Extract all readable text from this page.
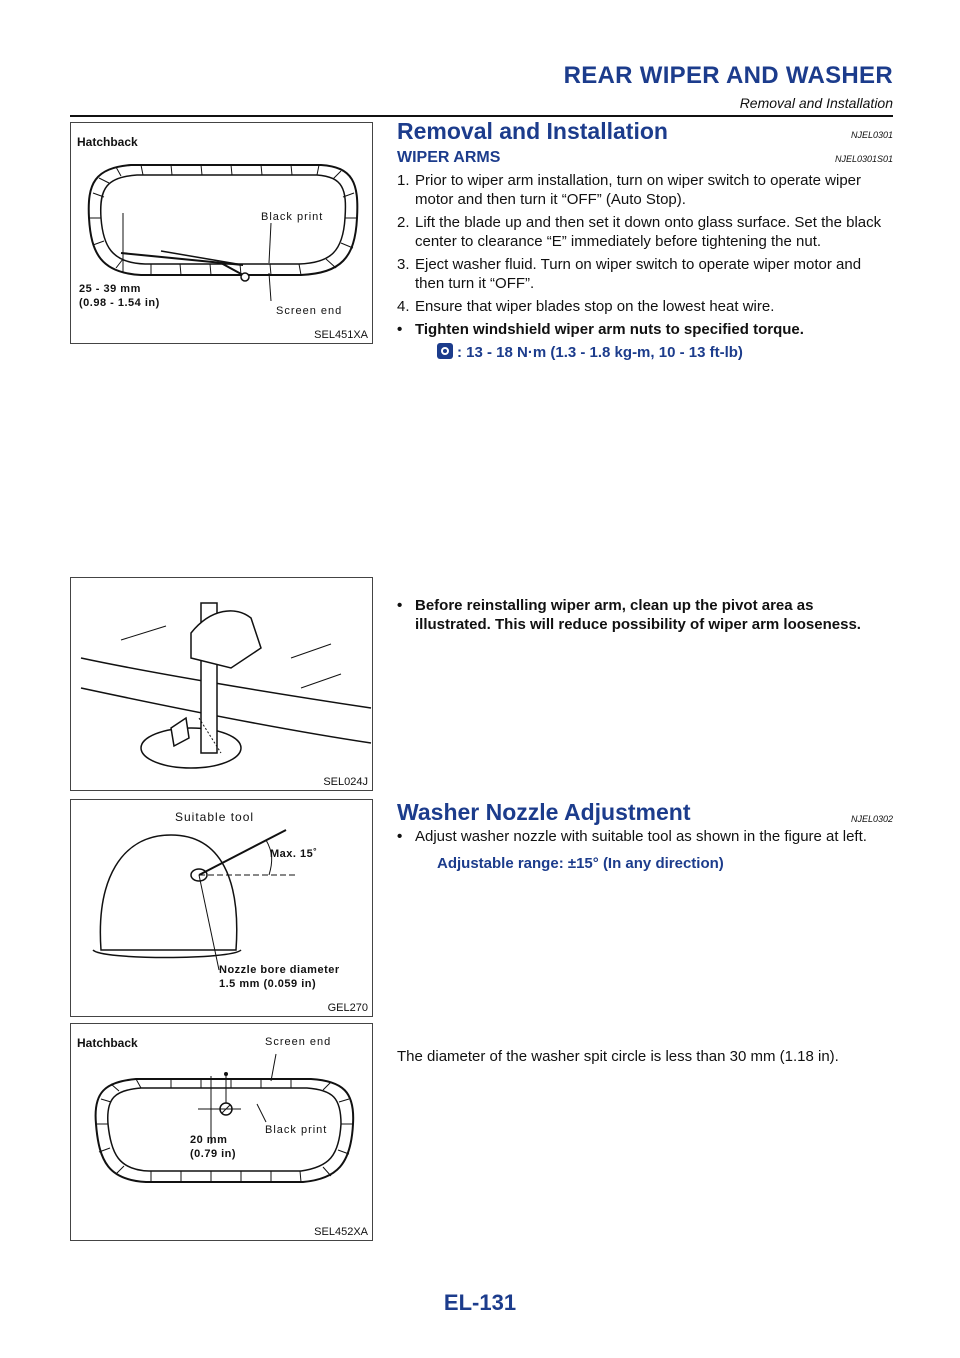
REAR WIPER AND WASHER
Removal and Installation
Hatchback
Black print
25 - 39 mm
(0.98 - 1.54 in)
Screen end
SEL451XA
SEL024J
Suitable tool
Max. 15˚
Nozzle bore diameter
1.5 mm (0.059 in)
GEL270
Hatchback	Screen end
20 mm
(0.79 in)
Black print
SEL452XA
Removal and Installation	NJEL0301
WIPER ARMS	NJEL0301S01
1. Prior to wiper arm installation, turn on wiper switch to operate wiper motor and then turn it “OFF” (Auto Stop).
2. Lift the blade up and then set it down onto glass surface. Set the black center to clearance “E” immediately before tightening the nut.
3. Eject washer fluid. Turn on wiper switch to operate wiper motor and then turn it “OFF”.
4. Ensure that wiper blades stop on the lowest heat wire.
• Tighten windshield wiper arm nuts to specified torque.
: 13 - 18 N·m (1.3 - 1.8 kg-m, 10 - 13 ft-lb)
• Before reinstalling wiper arm, clean up the pivot area as illustrated. This will reduce possibility of wiper arm looseness.
Washer Nozzle Adjustment	NJEL0302
• Adjust washer nozzle with suitable tool as shown in the figure at left.
Adjustable range: ±15° (In any direction)
The diameter of the washer spit circle is less than 30 mm (1.18 in).
EL-131
